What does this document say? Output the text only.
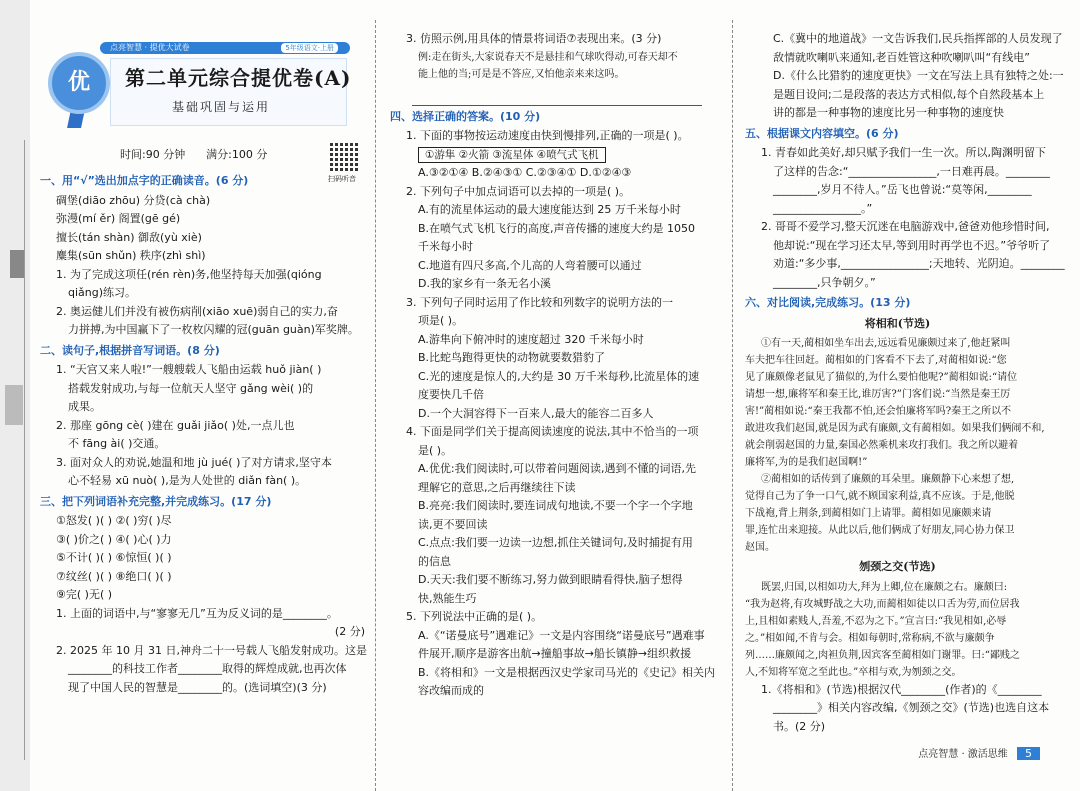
点亮智慧 · 提优大试卷	5年级语文·上册
优	第二单元综合提优卷(A)
基础巩固与运用
时间:90 分钟      满分:100 分
扫码听音

一、用“√”选出加点字的正确读音。(6 分)

碉堡(diāo zhōu) 分贷(cà chà)

弥漫(mí ěr) 阁置(gē gé)

擅长(tán shàn) 御敌(yù xiè)

麋集(sūn shǔn) 秩序(zhì shì)

1. 为了完成这项任(rén rèn)务,他坚持每天加强(qióng

qiǎng)练习。

2. 奥运健儿们并没有被伤病削(xiāo xuē)弱自己的实力,奋

力拼搏,为中国赢下了一枚枚闪耀的冠(guān guàn)军奖牌。

二、读句子,根据拼音写词语。(8 分)

1. “天宫又来人啦!”一艘艘载人飞船由运载 huǒ jiàn( )

搭载发射成功,与每一位航天人坚守 gǎng wèi( )的

成果。

2. 那座 gōng cè( )建在 guǎi jiǎo( )处,一点儿也

不 fāng ài( )交通。

3. 面对众人的劝说,她温和地 jù jué( )了对方请求,坚守本

心不轻易 xū nuò( ),是为人处世的 diǎn fàn( )。

三、把下列词语补充完整,并完成练习。(17 分)

①怒发( )( ) ②( )穷( )尽

③( )价之( ) ④( )心( )力

⑤不计( )( ) ⑥惊恒( )( )

⑦纹丝( )( ) ⑧绝口( )( )

⑨完( )无( )

1. 上面的词语中,与“寥寥无几”互为反义词的是________。

(2 分)

2. 2025 年 10 月 31 日,神舟二十一号载人飞船发射成功。这是

________的科技工作者________取得的辉煌成就,也再次体

现了中国人民的智慧是________的。(选词填空)(3 分)

3. 仿照示例,用具体的情景将词语⑦表现出来。(3 分)

例:走在街头,大家说春天不是悬挂和气球吹得动,可春天却不

能上他的当;可是是不答应,又怕他亲来来这吗。

四、选择正确的答案。(10 分)

1. 下面的事物按运动速度由快到慢排列,正确的一项是( )。

①游隼 ②火箭 ③流星体 ④喷气式飞机

A.③②①④ B.②④③① C.②③④① D.①②④③

2. 下列句子中加点词语可以去掉的一项是( )。

A.有的流星体运动的最大速度能达到 25 万千米每小时

B.在喷气式飞机飞行的高度,声音传播的速度大约是 1050

千米每小时

C.地道有四尺多高,个儿高的人弯着腰可以通过

D.我的家乡有一条无名小溪

3. 下列句子同时运用了作比较和列数字的说明方法的一

项是( )。

A.游隼向下俯冲时的速度超过 320 千米每小时

B.比蛇鸟跑得更快的动物就要数猎豹了

C.光的速度是惊人的,大约是 30 万千米每秒,比流星体的速

度要快几千倍

D.一个大洞容得下一百来人,最大的能容二百多人

4. 下面是同学们关于提高阅读速度的说法,其中不恰当的一项

是( )。

A.优优:我们阅读时,可以带着问题阅读,遇到不懂的词语,先

理解它的意思,之后再继续往下读

B.亮亮:我们阅读时,要连词成句地读,不要一个字一个字地

读,更不要回读

C.点点:我们要一边读一边想,抓住关键词句,及时捕捉有用

的信息

D.天天:我们要不断练习,努力做到眼睛看得快,脑子想得

快,熟能生巧

5. 下列说法中正确的是( )。

A.《“诺曼底号”遇难记》一文是内容围绕“诺曼底号”遇难事

件展开,顺序是游客出航→撞船事故→船长镇静→组织救援

B.《将相和》一文是根据西汉史学家司马光的《史记》相关内

容改编而成的

C.《冀中的地道战》一文告诉我们,民兵指挥部的人员发现了

敌情就吹喇叭来通知,老百姓管这种吹喇叭叫“有线电”

D.《什么比猎豹的速度更快》一文在写法上具有独特之处:一

是题目设问;二是段落的表达方式相似,每个自然段基本上

讲的都是一种事物的速度比另一种事物的速度快

五、根据课文内容填空。(6 分)

1. 青春如此美好,却只赋予我们一生一次。所以,陶渊明留下

了这样的告念:“________________,一日难再晨。________

________,岁月不待人。”岳飞也曾说:“莫等闲,________

________________。”

2. 哥哥不爱学习,整天沉迷在电脑游戏中,爸爸劝他珍惜时间,

他却说:“现在学习还太早,等到用时再学也不迟。”爷爷听了

劝道:“多少事,________________;天地转、光阴迫。________

________,只争朝夕。”

六、对比阅读,完成练习。(13 分)

将相和(节选)

①有一天,蔺相如坐车出去,远远看见廉颇过来了,他赶紧叫

车夫把车往回赶。蔺相如的门客看不下去了,对蔺相如说:“您

见了廉颇像老鼠见了猫似的,为什么要怕他呢?”蔺相如说:“请位

请想一想,廉将军和秦王比,谁厉害?”门客们说:“当然是秦王厉

害!”蔺相如说:“秦王我都不怕,还会怕廉将军吗?秦王之所以不

敢进攻我们赵国,就是因为武有廉颇,文有蔺相如。如果我们俩闹不和,

就会削弱赵国的力量,秦国必然乘机来攻打我们。我之所以避着

廉将军,为的是我们赵国啊!”

②蔺相如的话传到了廉颇的耳朵里。廉颇静下心来想了想,

觉得自己为了争一口气,就不顾国家利益,真不应该。于是,他脱

下战袍,背上荆条,到蔺相如门上请罪。蔺相如见廉颇来请

罪,连忙出来迎接。从此以后,他们俩成了好朋友,同心协力保卫

赵国。

刎颈之交(节选)

既罢,归国,以相如功大,拜为上卿,位在廉颇之右。廉颇曰:

“我为赵将,有攻城野战之大功,而蔺相如徒以口舌为劳,而位居我

上,且相如素贱人,吾羞,不忍为之下。”宣言曰:“我见相如,必辱

之。”相如闻,不肯与会。相如每朝时,常称病,不欲与廉颇争

列……廉颇闻之,肉袒负荆,因宾客至蔺相如门谢罪。曰:“鄙贱之

人,不知将军宽之至此也。”卒相与欢,为刎颈之交。

1.《将相和》(节选)根据汉代________(作者)的《________

________》相关内容改编,《刎颈之交》(节选)也选自这本

书。(2 分)

点亮智慧 · 激活思维 5
